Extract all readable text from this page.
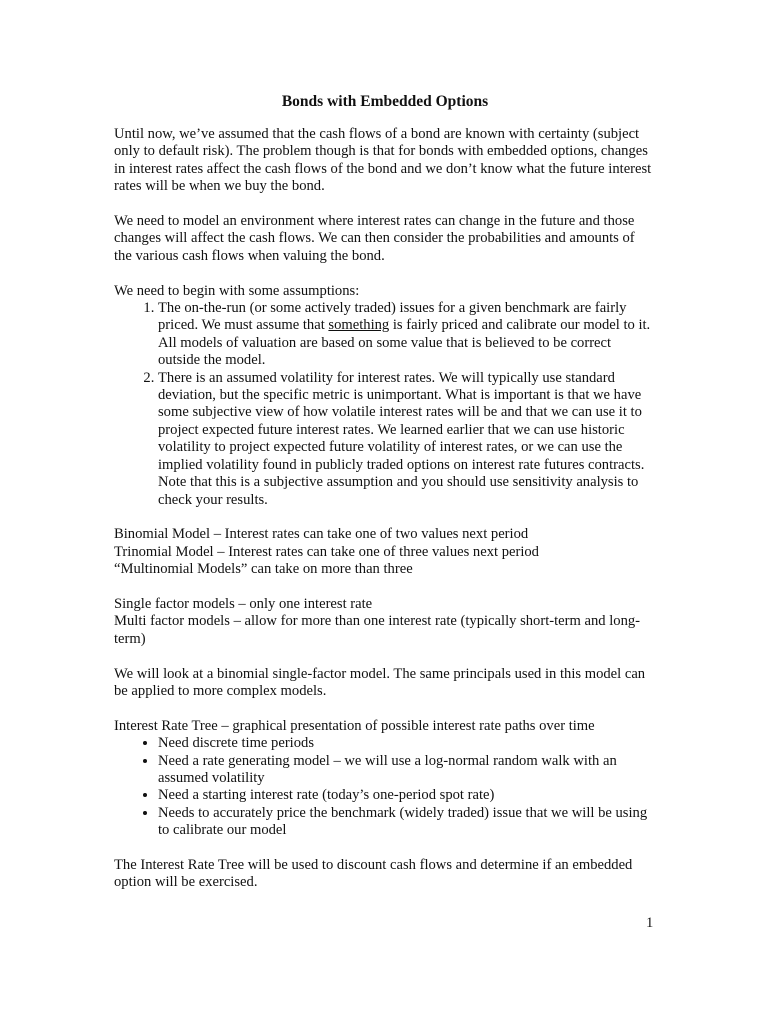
Bonds with Embedded Options

Until now, we’ve assumed that the cash flows of a bond are known with certainty (subject only to default risk). The problem though is that for bonds with embedded options, changes in interest rates affect the cash flows of the bond and we don’t know what the future interest rates will be when we buy the bond.

We need to model an environment where interest rates can change in the future and those changes will affect the cash flows. We can then consider the probabilities and amounts of the various cash flows when valuing the bond.

We need to begin with some assumptions:

1. The on-the-run (or some actively traded) issues for a given benchmark are fairly priced. We must assume that something is fairly priced and calibrate our model to it. All models of valuation are based on some value that is believed to be correct outside the model.
2. There is an assumed volatility for interest rates. We will typically use standard deviation, but the specific metric is unimportant. What is important is that we have some subjective view of how volatile interest rates will be and that we can use it to project expected future interest rates. We learned earlier that we can use historic volatility to project expected future volatility of interest rates, or we can use the implied volatility found in publicly traded options on interest rate futures contracts. Note that this is a subjective assumption and you should use sensitivity analysis to check your results.
Binomial Model – Interest rates can take one of two values next period
Trinomial Model – Interest rates can take one of three values next period
“Multinomial Models” can take on more than three
Single factor models – only one interest rate
Multi factor models – allow for more than one interest rate (typically short-term and long-term)

We will look at a binomial single-factor model. The same principals used in this model can be applied to more complex models.

Interest Rate Tree – graphical presentation of possible interest rate paths over time

• Need discrete time periods
• Need a rate generating model – we will use a log-normal random walk with an assumed volatility
• Need a starting interest rate (today’s one-period spot rate)
• Needs to accurately price the benchmark (widely traded) issue that we will be using to calibrate our model

The Interest Rate Tree will be used to discount cash flows and determine if an embedded option will be exercised.

1
